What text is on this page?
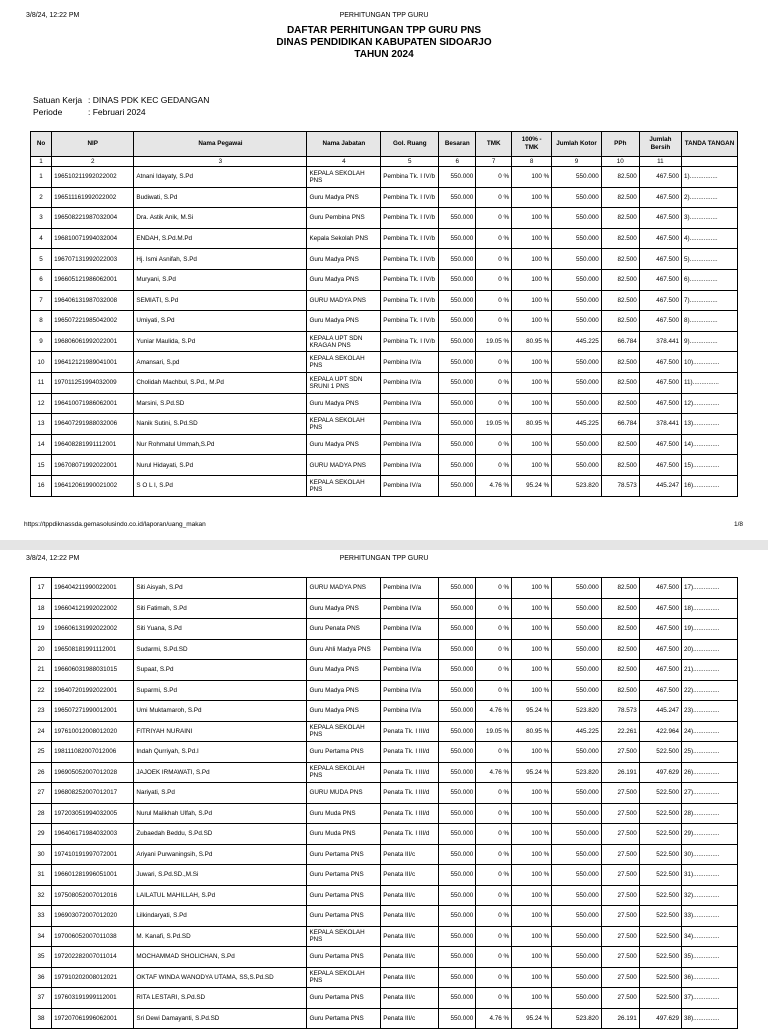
3/8/24, 12:22 PM	PERHITUNGAN TPP GURU
DAFTAR PERHITUNGAN TPP GURU PNS
DINAS PENDIDIKAN KABUPATEN SIDOARJO
TAHUN 2024
Satuan Kerja : DINAS PDK KEC GEDANGAN
Periode	: Februari 2024
No	NIP	Nama Pegawai	Nama Jabatan	Gol. Ruang	Besaran	TMK	100% - TMK	Jumlah Kotor	PPh	Jumlah Bersih	TANDA TANGAN
1	2	3	4	5	6	7	8	9	10	11	
1	196510211992022002	Atnani Idayaty, S.Pd	KEPALA SEKOLAH PNS	Pembina Tk. I IV/b	550.000	0 %	100 %	550.000	82.500	467.500	1)................
2	196511161992022002	Budiwati, S.Pd	Guru Madya PNS	Pembina Tk. I IV/b	550.000	0 %	100 %	550.000	82.500	467.500	2)................
3	196508221987032004	Dra. Astik Anik, M.Si	Guru Pembina PNS	Pembina Tk. I IV/b	550.000	0 %	100 %	550.000	82.500	467.500	3)................
4	196810071994032004	ENDAH, S.Pd.M.Pd	Kepala Sekolah PNS	Pembina Tk. I IV/b	550.000	0 %	100 %	550.000	82.500	467.500	4)................
5	196707131992022003	Hj. Ismi Asnifah, S.Pd	Guru Madya PNS	Pembina Tk. I IV/b	550.000	0 %	100 %	550.000	82.500	467.500	5)................
6	196605121986062001	Muryani, S.Pd	Guru Madya PNS	Pembina Tk. I IV/b	550.000	0 %	100 %	550.000	82.500	467.500	6)................
7	196406131987032008	SEMIATI, S.Pd	GURU MADYA PNS	Pembina Tk. I IV/b	550.000	0 %	100 %	550.000	82.500	467.500	7)................
8	196507221985042002	Umiyati, S.Pd	Guru Madya PNS	Pembina Tk. I IV/b	550.000	0 %	100 %	550.000	82.500	467.500	8)................
9	196806061992022001	Yuniar Maulida, S.Pd	KEPALA UPT SDN KRAGAN PNS	Pembina Tk. I IV/b	550.000	19.05 %	80.95 %	445.225	66.784	378.441	9)................
10	196412121989041001	Amansari, S.pd	KEPALA SEKOLAH PNS	Pembina IV/a	550.000	0 %	100 %	550.000	82.500	467.500	10)...............
11	197011251994032009	Cholidah Machbul, S.Pd., M.Pd	KEPALA UPT SDN SRUNI 1 PNS	Pembina IV/a	550.000	0 %	100 %	550.000	82.500	467.500	11)...............
12	196410071986062001	Marsini, S.Pd.SD	Guru Madya PNS	Pembina IV/a	550.000	0 %	100 %	550.000	82.500	467.500	12)...............
13	196407291988032006	Nanik Sutini, S.Pd.SD	KEPALA SEKOLAH PNS	Pembina IV/a	550.000	19.05 %	80.95 %	445.225	66.784	378.441	13)...............
14	196408281991112001	Nur Rohmatul Ummah,S.Pd	Guru Madya PNS	Pembina IV/a	550.000	0 %	100 %	550.000	82.500	467.500	14)...............
15	196708071992022001	Nurul Hidayati, S.Pd	GURU MADYA PNS	Pembina IV/a	550.000	0 %	100 %	550.000	82.500	467.500	15)...............
16	196412061990021002	S O L I, S.Pd	KEPALA SEKOLAH PNS	Pembina IV/a	550.000	4.76 %	95.24 %	523.820	78.573	445.247	16)...............
https://tppdiknassda.gemasolusindo.co.id/laporan/uang_makan	1/8
3/8/24, 12:22 PM	PERHITUNGAN TPP GURU
17	196404211990022001	Siti Aisyah, S.Pd	GURU MADYA PNS	Pembina IV/a	550.000	0 %	100 %	550.000	82.500	467.500	17)...............
18	196604121992022002	Siti Fatimah, S.Pd	Guru Madya PNS	Pembina IV/a	550.000	0 %	100 %	550.000	82.500	467.500	18)...............
19	196606131992022002	Siti Yuana, S.Pd	Guru Penata PNS	Pembina IV/a	550.000	0 %	100 %	550.000	82.500	467.500	19)...............
20	196508181991112001	Sudarmi, S.Pd.SD	Guru Ahli Madya PNS	Pembina IV/a	550.000	0 %	100 %	550.000	82.500	467.500	20)...............
21	196606031988031015	Supaat, S.Pd	Guru Madya PNS	Pembina IV/a	550.000	0 %	100 %	550.000	82.500	467.500	21)...............
22	196407201992022001	Suparmi, S.Pd	Guru Madya PNS	Pembina IV/a	550.000	0 %	100 %	550.000	82.500	467.500	22)...............
23	196507271990012001	Umi Muktamaroh, S.Pd	Guru Madya PNS	Pembina IV/a	550.000	4.76 %	95.24 %	523.820	78.573	445.247	23)...............
24	197610012008012020	FITRIYAH NURAINI	KEPALA SEKOLAH PNS	Penata Tk. I III/d	550.000	19.05 %	80.95 %	445.225	22.261	422.964	24)...............
25	198111082007012006	Indah Qurriyah, S.Pd.I	Guru Pertama PNS	Penata Tk. I III/d	550.000	0 %	100 %	550.000	27.500	522.500	25)...............
26	196905052007012028	JAJOEK IRMAWATI, S.Pd	KEPALA SEKOLAH PNS	Penata Tk. I III/d	550.000	4.76 %	95.24 %	523.820	26.191	497.629	26)...............
27	196808252007012017	Nariyati, S.Pd	GURU MUDA PNS	Penata Tk. I III/d	550.000	0 %	100 %	550.000	27.500	522.500	27)...............
28	197203051994032005	Nurul Malikhah Ulfah, S.Pd	Guru Muda PNS	Penata Tk. I III/d	550.000	0 %	100 %	550.000	27.500	522.500	28)...............
29	196406171984032003	Zubaedah Beddu, S.Pd.SD	Guru Muda PNS	Penata Tk. I III/d	550.000	0 %	100 %	550.000	27.500	522.500	29)...............
30	197410191997072001	Ariyani Purwaningsih, S.Pd	Guru Pertama PNS	Penata III/c	550.000	0 %	100 %	550.000	27.500	522.500	30)...............
31	196601281996051001	Juwari, S.Pd.SD.,M.Si	Guru Pertama PNS	Penata III/c	550.000	0 %	100 %	550.000	27.500	522.500	31)...............
32	197508052007012016	LAILATUL MAHILLAH, S.Pd	Guru Pertama PNS	Penata III/c	550.000	0 %	100 %	550.000	27.500	522.500	32)...............
33	196903072007012020	Lilkindaryati, S.Pd	Guru Pertama PNS	Penata III/c	550.000	0 %	100 %	550.000	27.500	522.500	33)...............
34	197006052007011038	M. Kanafi, S.Pd.SD	KEPALA SEKOLAH PNS	Penata III/c	550.000	0 %	100 %	550.000	27.500	522.500	34)...............
35	197202282007011014	MOCHAMMAD SHOLICHAN, S.Pd	Guru Pertama PNS	Penata III/c	550.000	0 %	100 %	550.000	27.500	522.500	35)...............
36	197910202008012021	OKTAF WINDA WANODYA UTAMA, SS,S.Pd.SD	KEPALA SEKOLAH PNS	Penata III/c	550.000	0 %	100 %	550.000	27.500	522.500	36)...............
37	197603191999112001	RITA LESTARI, S.Pd.SD	Guru Pertama PNS	Penata III/c	550.000	0 %	100 %	550.000	27.500	522.500	37)...............
38	197207061996062001	Sri Dewi Damayanti, S.Pd.SD	Guru Pertama PNS	Penata III/c	550.000	4.76 %	95.24 %	523.820	26.191	497.629	38)...............
